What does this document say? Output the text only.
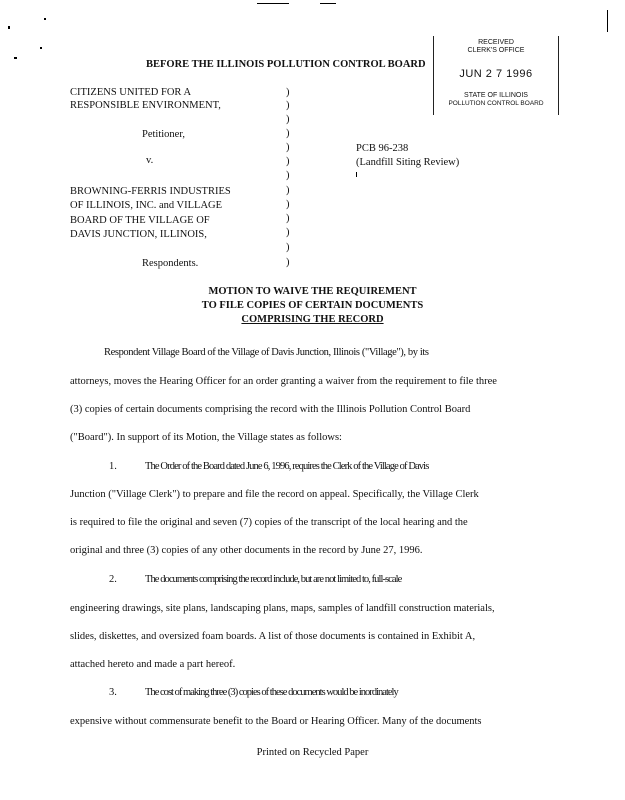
RECEIVED
CLERK'S OFFICE
JUN 2 7 1996
STATE OF ILLINOIS
POLLUTION CONTROL BOARD
BEFORE THE ILLINOIS POLLUTION CONTROL BOARD
CITIZENS UNITED FOR A
RESPONSIBLE ENVIRONMENT,
Petitioner,
v.
BROWNING-FERRIS INDUSTRIES
OF ILLINOIS, INC. and VILLAGE
BOARD OF THE VILLAGE OF
DAVIS JUNCTION, ILLINOIS,
Respondents.
)
)
)
)
)
)
)
)
)
)
)
)
)
PCB 96-238
(Landfill Siting Review)
MOTION TO WAIVE THE REQUIREMENT
TO FILE COPIES OF CERTAIN DOCUMENTS
COMPRISING THE RECORD
Respondent Village Board of the Village of Davis Junction, Illinois ("Village"), by its
attorneys, moves the Hearing Officer for an order granting a waiver from the requirement to file three
(3) copies of certain documents comprising the record with the Illinois Pollution Control Board
("Board"). In support of its Motion, the Village states as follows:
1.	The Order of the Board dated June 6, 1996, requires the Clerk of the Village of Davis
Junction ("Village Clerk") to prepare and file the record on appeal. Specifically, the Village Clerk
is required to file the original and seven (7) copies of the transcript of the local hearing and the
original and three (3) copies of any other documents in the record by June 27, 1996.
2.	The documents comprising the record include, but are not limited to, full-scale
engineering drawings, site plans, landscaping plans, maps, samples of landfill construction materials,
slides, diskettes, and oversized foam boards. A list of those documents is contained in Exhibit A,
attached hereto and made a part hereof.
3.	The cost of making three (3) copies of these documents would be inordinately
expensive without commensurate benefit to the Board or Hearing Officer. Many of the documents
Printed on Recycled Paper
